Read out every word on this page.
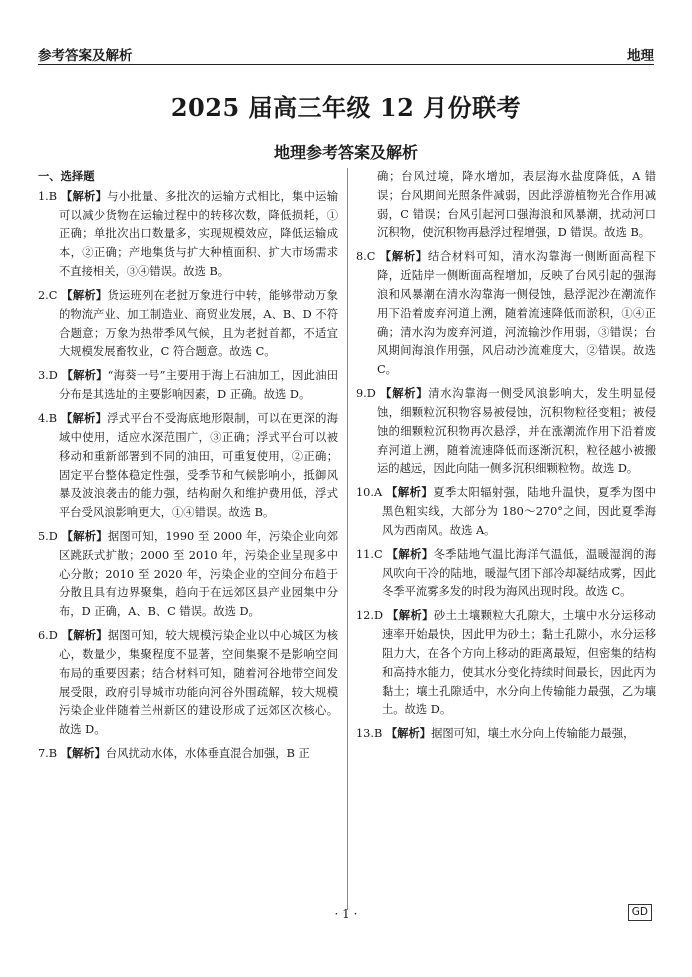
参考答案及解析	地理
2025 届高三年级 12 月份联考
地理参考答案及解析
一、选择题
1.B 【解析】与小批量、多批次的运输方式相比，集中运输可以减少货物在运输过程中的转移次数，降低损耗，①正确；单批次出口数量多，实现规模效应，降低运输成本，②正确；产地集货与扩大种植面积、扩大市场需求不直接相关，③④错误。故选 B。
2.C 【解析】货运班列在老挝万象进行中转，能够带动万象的物流产业、加工制造业、商贸业发展，A、B、D 不符合题意；万象为热带季风气候，且为老挝首都，不适宜大规模发展畜牧业，C 符合题意。故选 C。
3.D 【解析】“海葵一号”主要用于海上石油加工，因此油田分布是其选址的主要影响因素，D 正确。故选 D。
4.B 【解析】浮式平台不受海底地形限制，可以在更深的海域中使用，适应水深范围广，③正确；浮式平台可以被移动和重新部署到不同的油田，可重复使用，②正确；固定平台整体稳定性强，受季节和气候影响小，抵御风暴及波浪袭击的能力强，结构耐久和维护费用低，浮式平台受风浪影响更大，①④错误。故选 B。
5.D 【解析】据图可知，1990 至 2000 年，污染企业向郊区跳跃式扩散；2000 至 2010 年，污染企业呈现多中心分散；2010 至 2020 年，污染企业的空间分布趋于分散且具有边界聚集，趋向于在远郊区县产业园集中分布，D 正确，A、B、C 错误。故选 D。
6.D 【解析】据图可知，较大规模污染企业以中心城区为核心，数量少，集聚程度不显著，空间集聚不是影响空间布局的重要因素；结合材料可知，随着河谷地带空间发展受限，政府引导城市功能向河谷外围疏解，较大规模污染企业伴随着兰州新区的建设形成了远郊区次核心。故选 D。
7.B 【解析】台风扰动水体，水体垂直混合加强，B 正
确；台风过境，降水增加，表层海水盐度降低，A 错误；台风期间光照条件减弱，因此浮游植物光合作用减弱，C 错误；台风引起河口强海浪和风暴潮，扰动河口沉积物，使沉积物再悬浮过程增强，D 错误。故选 B。
8.C 【解析】结合材料可知，清水沟靠海一侧断面高程下降，近陆岸一侧断面高程增加，反映了台风引起的强海浪和风暴潮在清水沟靠海一侧侵蚀，悬浮泥沙在潮流作用下沿着废弃河道上溯，随着流速降低而淤积，①④正确；清水沟为废弃河道，河流输沙作用弱，③错误；台风期间海浪作用强，风启动沙流难度大，②错误。故选 C。
9.D 【解析】清水沟靠海一侧受风浪影响大，发生明显侵蚀，细颗粒沉积物容易被侵蚀，沉积物粒径变粗；被侵蚀的细颗粒沉积物再次悬浮，并在涨潮流作用下沿着废弃河道上溯，随着流速降低而逐渐沉积，粒径越小被搬运的越远，因此向陆一侧多沉积细颗粒物。故选 D。
10.A 【解析】夏季太阳辐射强，陆地升温快，夏季为图中黑色粗实线，大部分为 180～270°之间，因此夏季海风为西南风。故选 A。
11.C 【解析】冬季陆地气温比海洋气温低，温暖湿润的海风吹向干冷的陆地，暖湿气团下部冷却凝结成雾，因此冬季平流雾多发的时段为海风出现时段。故选 C。
12.D 【解析】砂土土壤颗粒大孔隙大，土壤中水分运移动速率开始最快，因此甲为砂土；黏土孔隙小，水分运移阻力大，在各个方向上移动的距离最短，但密集的结构和高持水能力，使其水分变化持续时间最长，因此丙为黏土；壤土孔隙适中，水分向上传输能力最强，乙为壤土。故选 D。
13.B 【解析】据图可知，壤土水分向上传输能力最强，
· 1 ·	GD
